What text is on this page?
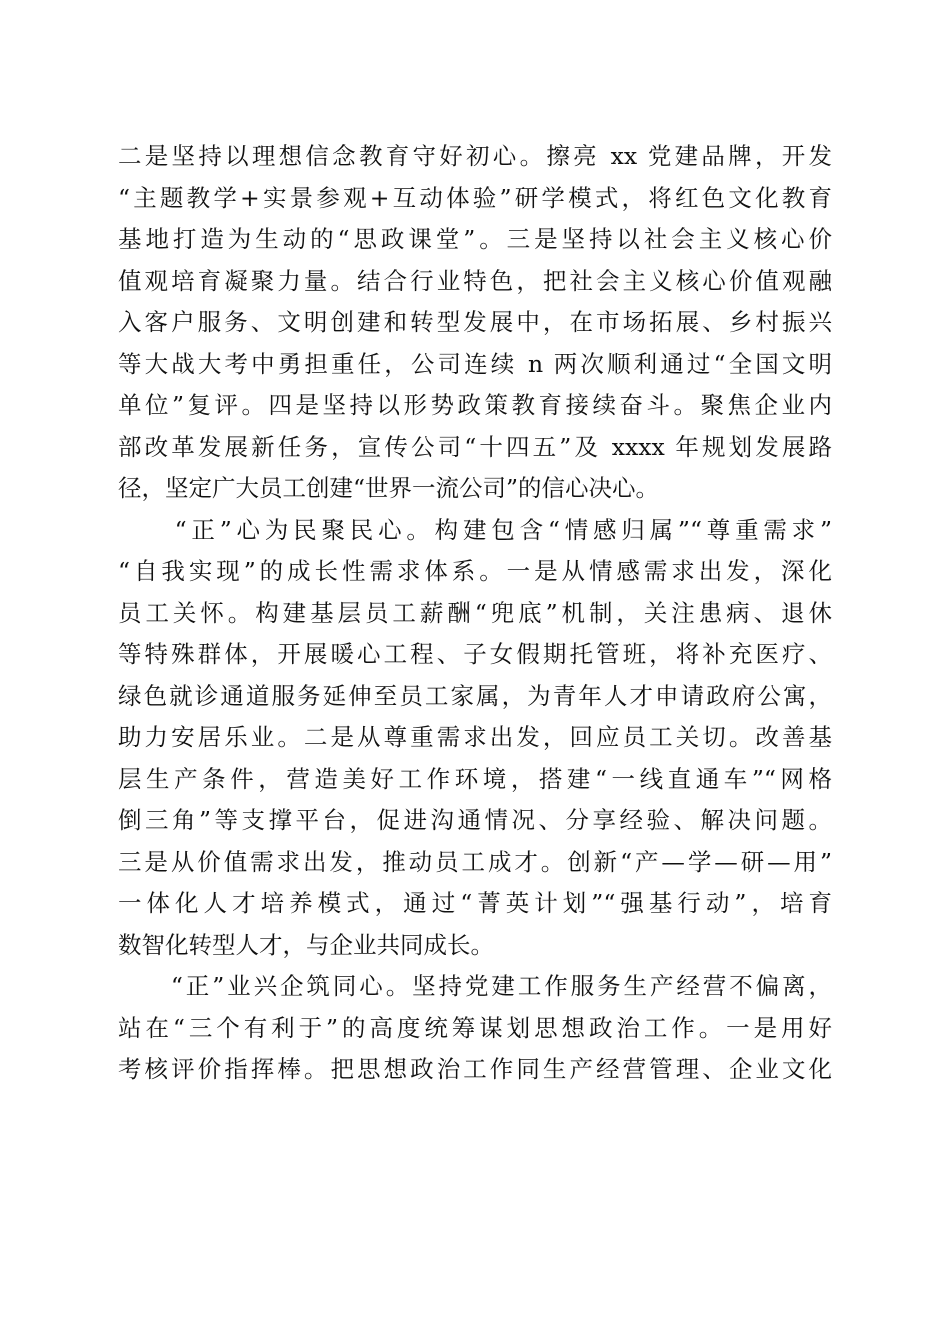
二是坚持以理想信念教育守好初心。擦亮 xx 党建品牌，开发
“主题教学+实景参观+互动体验”研学模式，将红色文化教育
基地打造为生动的“思政课堂”。三是坚持以社会主义核心价
值观培育凝聚力量。结合行业特色，把社会主义核心价值观融
入客户服务、文明创建和转型发展中，在市场拓展、乡村振兴
等大战大考中勇担重任，公司连续 n 两次顺利通过“全国文明
单位”复评。四是坚持以形势政策教育接续奋斗。聚焦企业内
部改革发展新任务，宣传公司“十四五”及 xxxx 年规划发展路
径，坚定广大员工创建“世界一流公司”的信心决心。
　　“正”心为民聚民心。构建包含“情感归属”“尊重需求”
“自我实现”的成长性需求体系。一是从情感需求出发，深化
员工关怀。构建基层员工薪酬“兜底”机制，关注患病、退休
等特殊群体，开展暖心工程、子女假期托管班，将补充医疗、
绿色就诊通道服务延伸至员工家属，为青年人才申请政府公寓，
助力安居乐业。二是从尊重需求出发，回应员工关切。改善基
层生产条件，营造美好工作环境，搭建“一线直通车”“网格
倒三角”等支撑平台，促进沟通情况、分享经验、解决问题。
三是从价值需求出发，推动员工成才。创新“产—学—研—用”
一体化人才培养模式，通过“菁英计划”“强基行动”，培育
数智化转型人才，与企业共同成长。
　　“正”业兴企筑同心。坚持党建工作服务生产经营不偏离，
站在“三个有利于”的高度统筹谋划思想政治工作。一是用好
考核评价指挥棒。把思想政治工作同生产经营管理、企业文化
